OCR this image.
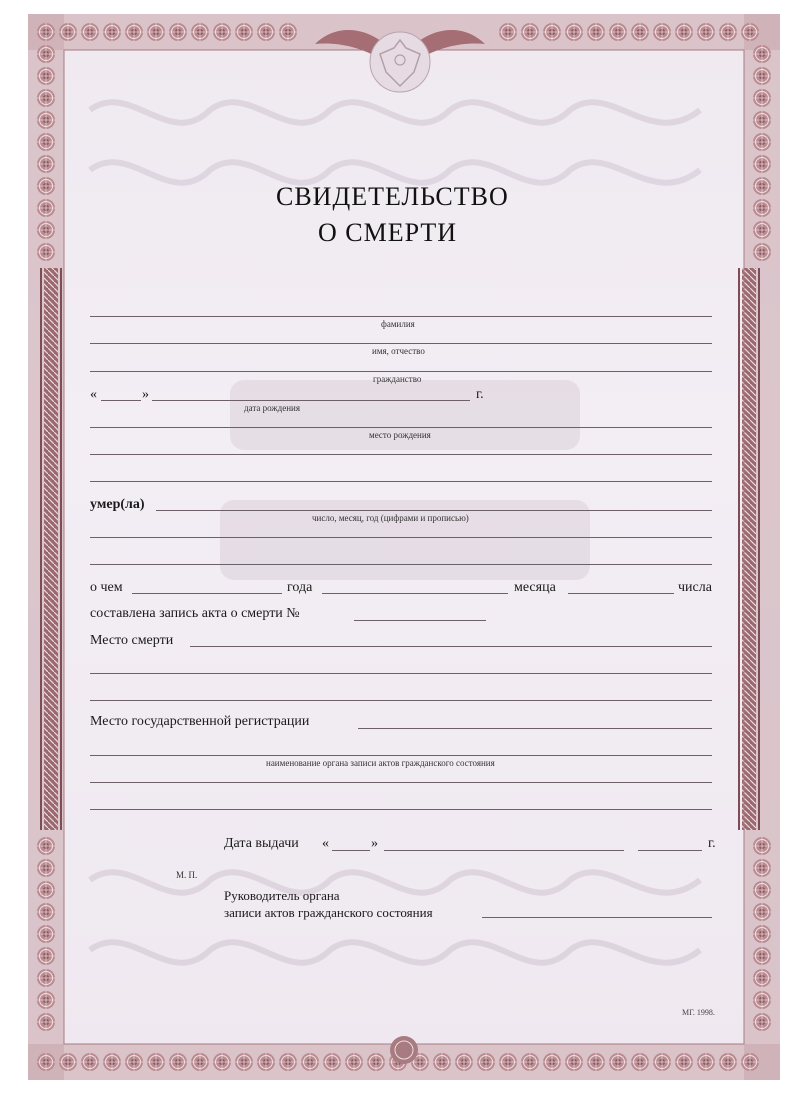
СВИДЕТЕЛЬСТВО
О СМЕРТИ
фамилия
имя, отчество
гражданство
«	»	г.
дата рождения
место рождения
умер(ла)
число, месяц, год (цифрами и прописью)
о чем	года	месяца	числа
составлена запись акта о смерти №
Место смерти
Место государственной регистрации
наименование органа записи актов гражданского состояния
Дата выдачи «	»	г.
М. П.
Руководитель органа
записи актов гражданского состояния
МГ. 1998.
